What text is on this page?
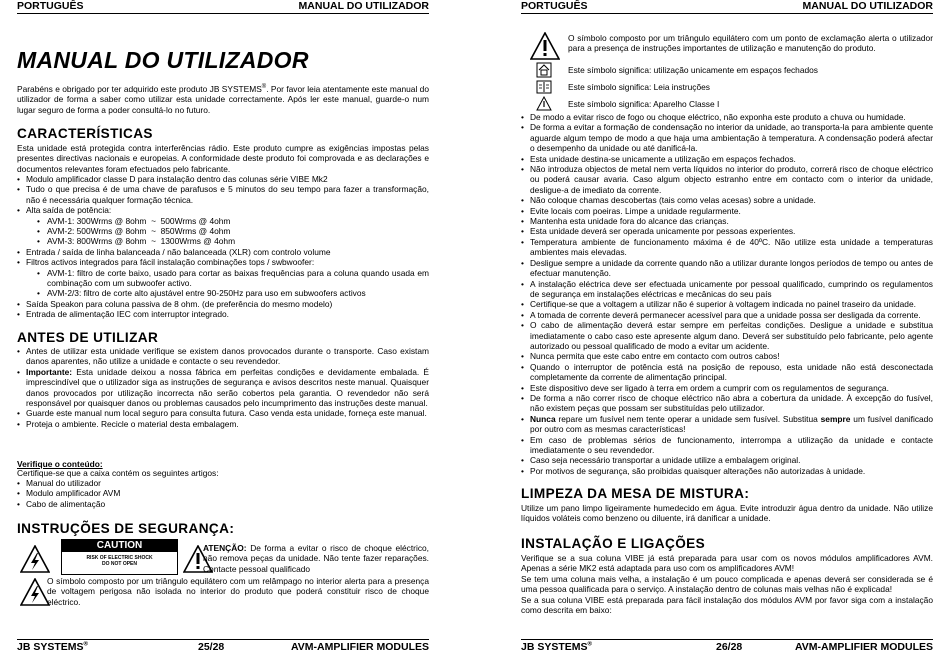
PORTUGUÊS	MANUAL DO UTILIZADOR
MANUAL DO UTILIZADOR
Parabéns e obrigado por ter adquirido este produto JB SYSTEMS®. Por favor leia atentamente este manual do utilizador de forma a saber como utilizar esta unidade correctamente. Após ler este manual, guarde-o num lugar seguro de forma a poder consultá-lo no futuro.
CARACTERÍSTICAS
Esta unidade está protegida contra interferências rádio. Este produto cumpre as exigências impostas pelas presentes directivas nacionais e europeias. A conformidade deste produto foi comprovada e as declarações e documentos relevantes foram efectuados pelo fabricante.
• Modulo amplificador classe D para instalação dentro das colunas série VIBE Mk2
• Tudo o que precisa é de uma chave de parafusos e 5 minutos do seu tempo para fazer a transformação, não é necessária qualquer formação técnica.
• Alta saída de potência:
• AVM-1: 300Wrms @ 8ohm  ~  500Wrms @ 4ohm
• AVM-2: 500Wrms @ 8ohm  ~  850Wrms @ 4ohm
• AVM-3: 800Wrms @ 8ohm  ~  1300Wrms @ 4ohm
• Entrada / saída de linha balanceada / não balanceada (XLR) com controlo volume
• Filtros activos integrados para fácil instalação combinações tops / swbwoofer:
• AVM-1: filtro de corte baixo, usado para cortar as baixas frequências para a coluna quando usada em combinação com um subwoofer activo.
• AVM-2/3: filtro de corte alto ajustável entre 90-250Hz para uso em subwoofers activos
• Saída Speakon para coluna passiva de 8 ohm. (de preferência do mesmo modelo)
• Entrada de alimentação IEC com interruptor integrado.
ANTES DE UTILIZAR
• Antes de utilizar esta unidade verifique se existem danos provocados durante o transporte. Caso existam danos aparentes, não utilize a unidade e contacte o seu revendedor.
• Importante: Esta unidade deixou a nossa fábrica em perfeitas condições e devidamente embalada. É imprescindível que o utilizador siga as instruções de segurança e avisos descritos neste manual. Quaisquer danos provocados por utilização incorrecta não serão cobertos pela garantia. O revendedor não será responsável por quaisquer danos ou problemas causados pelo incumprimento das instruções deste manual.
• Guarde este manual num local seguro para consulta futura. Caso venda esta unidade, forneça este manual.
• Proteja o ambiente. Recicle o material desta embalagem.
Verifique o conteúdo:
Certifique-se que a caixa contém os seguintes artigos:
• Manual do utilizador
• Modulo amplificador AVM
• Cabo de alimentação
INSTRUÇÕES DE SEGURANÇA:
CAUTION
RISK OF ELECTRIC SHOCK
DO NOT OPEN
ATENÇÃO: De forma a evitar o risco de choque eléctrico, não remova peças da unidade. Não tente fazer reparações. Contacte pessoal qualificado
O símbolo composto por um triângulo equilátero com um relâmpago no interior alerta para a presença de voltagem perigosa não isolada no interior do produto que poderá constituir risco de choque eléctrico.
JB SYSTEMS®	25/28	AVM-AMPLIFIER MODULES
PORTUGUÊS	MANUAL DO UTILIZADOR
O símbolo composto por um triângulo equilátero com um ponto de exclamação alerta o utilizador para a presença de instruções importantes de utilização e manutenção do produto.
Este símbolo significa: utilização unicamente em espaços fechados
Este símbolo significa: Leia instruções
Este símbolo significa: Aparelho Classe I
• De modo a evitar risco de fogo ou choque eléctrico, não exponha este produto a chuva ou humidade.
• De forma a evitar a formação de condensação no interior da unidade, ao transporta-la para ambiente quente aguarde algum tempo de modo a que haja uma ambientação à temperatura. A condensação poderá afectar o desempenho da unidade ou até danificá-la.
• Esta unidade destina-se unicamente a utilização em espaços fechados.
• Não introduza objectos de metal nem verta líquidos no interior do produto, correrá risco de choque eléctrico ou poderá causar avaria. Caso algum objecto estranho entre em contacto com o interior da unidade, desligue-a de imediato da corrente.
• Não coloque chamas descobertas (tais como velas acesas) sobre a unidade.
• Evite locais com poeiras. Limpe a unidade regularmente.
• Mantenha esta unidade fora do alcance das crianças.
• Esta unidade deverá ser operada unicamente por pessoas experientes.
• Temperatura ambiente de funcionamento máxima é de 40ºC. Não utilize esta unidade a temperaturas ambientes mais elevadas.
• Desligue sempre a unidade da corrente quando não a utilizar durante longos períodos de tempo ou antes de efectuar manutenção.
• A instalação eléctrica deve ser efectuada unicamente por pessoal qualificado, cumprindo os regulamentos de segurança em instalações eléctricas e mecânicas do seu país
• Certifique-se que a voltagem a utilizar não é superior à voltagem indicada no painel traseiro da unidade.
• A tomada de corrente deverá permanecer acessível para que a unidade possa ser desligada da corrente.
• O cabo de alimentação deverá estar sempre em perfeitas condições. Desligue a unidade e substitua imediatamente o cabo caso este apresente algum dano. Deverá ser substituído pelo fabricante, pelo agente autorizado ou pessoal qualificado de modo a evitar um acidente.
• Nunca permita que este cabo entre em contacto com outros cabos!
• Quando o interruptor de potência está na posição de repouso, esta unidade não está desconectada completamente da corrente de alimentação principal.
• Este dispositivo deve ser ligado à terra em ordem a cumprir com os regulamentos de segurança.
• De forma a não correr risco de choque eléctrico não abra a cobertura da unidade. À excepção do fusível, não existem peças que possam ser substituídas pelo utilizador.
• Nunca repare um fusível nem tente operar a unidade sem fusível. Substitua sempre um fusível danificado por outro com as mesmas características!
• Em caso de problemas sérios de funcionamento, interrompa a utilização da unidade e contacte imediatamente o seu revendedor.
• Caso seja necessário transportar a unidade utilize a embalagem original.
• Por motivos de segurança, são proibidas quaisquer alterações não autorizadas à unidade.
LIMPEZA DA MESA DE MISTURA:
Utilize um pano limpo ligeiramente humedecido em água. Evite introduzir água dentro da unidade. Não utilize líquidos voláteis como benzeno ou diluente, irá danificar a unidade.
INSTALAÇÃO E LIGAÇÕES
Verifique se a sua coluna VIBE já está preparada para usar com os novos módulos amplificadores AVM. Apenas a série MK2 está adaptada para uso com os amplificadores AVM!
Se tem uma coluna mais velha, a instalação é um pouco complicada e apenas deverá ser considerada se é uma pessoa qualificada para o serviço. A instalação dentro de colunas mais velhas não é explicada!
Se a sua coluna VIBE está preparada para fácil instalação dos módulos AVM por favor siga com a instalação como descrita em baixo:
JB SYSTEMS®	26/28	AVM-AMPLIFIER MODULES
